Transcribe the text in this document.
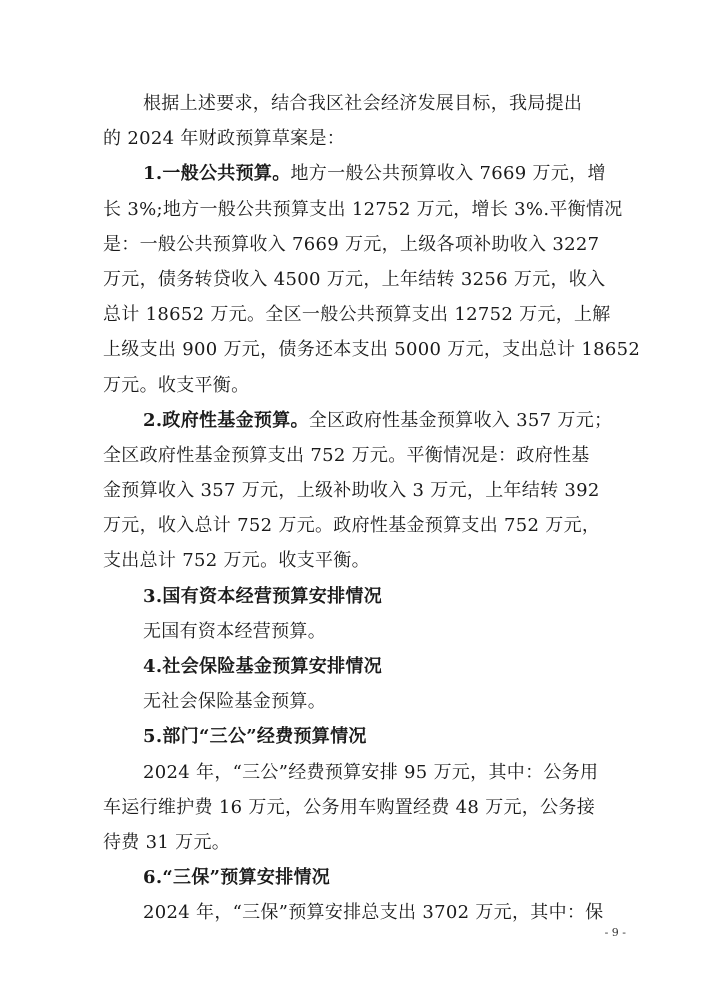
根据上述要求，结合我区社会经济发展目标，我局提出
的 2024 年财政预算草案是：
1.一般公共预算。地方一般公共预算收入 7669 万元，增
长 3%;地方一般公共预算支出 12752 万元，增长 3%.平衡情况
是：一般公共预算收入 7669 万元，上级各项补助收入 3227
万元，债务转贷收入 4500 万元，上年结转 3256 万元，收入
总计 18652 万元。全区一般公共预算支出 12752 万元，上解
上级支出 900 万元，债务还本支出 5000 万元，支出总计 18652
万元。收支平衡。
2.政府性基金预算。全区政府性基金预算收入 357 万元；
全区政府性基金预算支出 752 万元。平衡情况是：政府性基
金预算收入 357 万元，上级补助收入 3 万元，上年结转 392
万元，收入总计 752 万元。政府性基金预算支出 752 万元，
支出总计 752 万元。收支平衡。
3.国有资本经营预算安排情况
无国有资本经营预算。
4.社会保险基金预算安排情况
无社会保险基金预算。
5.部门“三公”经费预算情况
2024 年，“三公”经费预算安排 95 万元，其中：公务用
车运行维护费 16 万元，公务用车购置经费 48 万元，公务接
待费 31 万元。
6.“三保”预算安排情况
2024 年，“三保”预算安排总支出 3702 万元，其中：保
- 9 -
